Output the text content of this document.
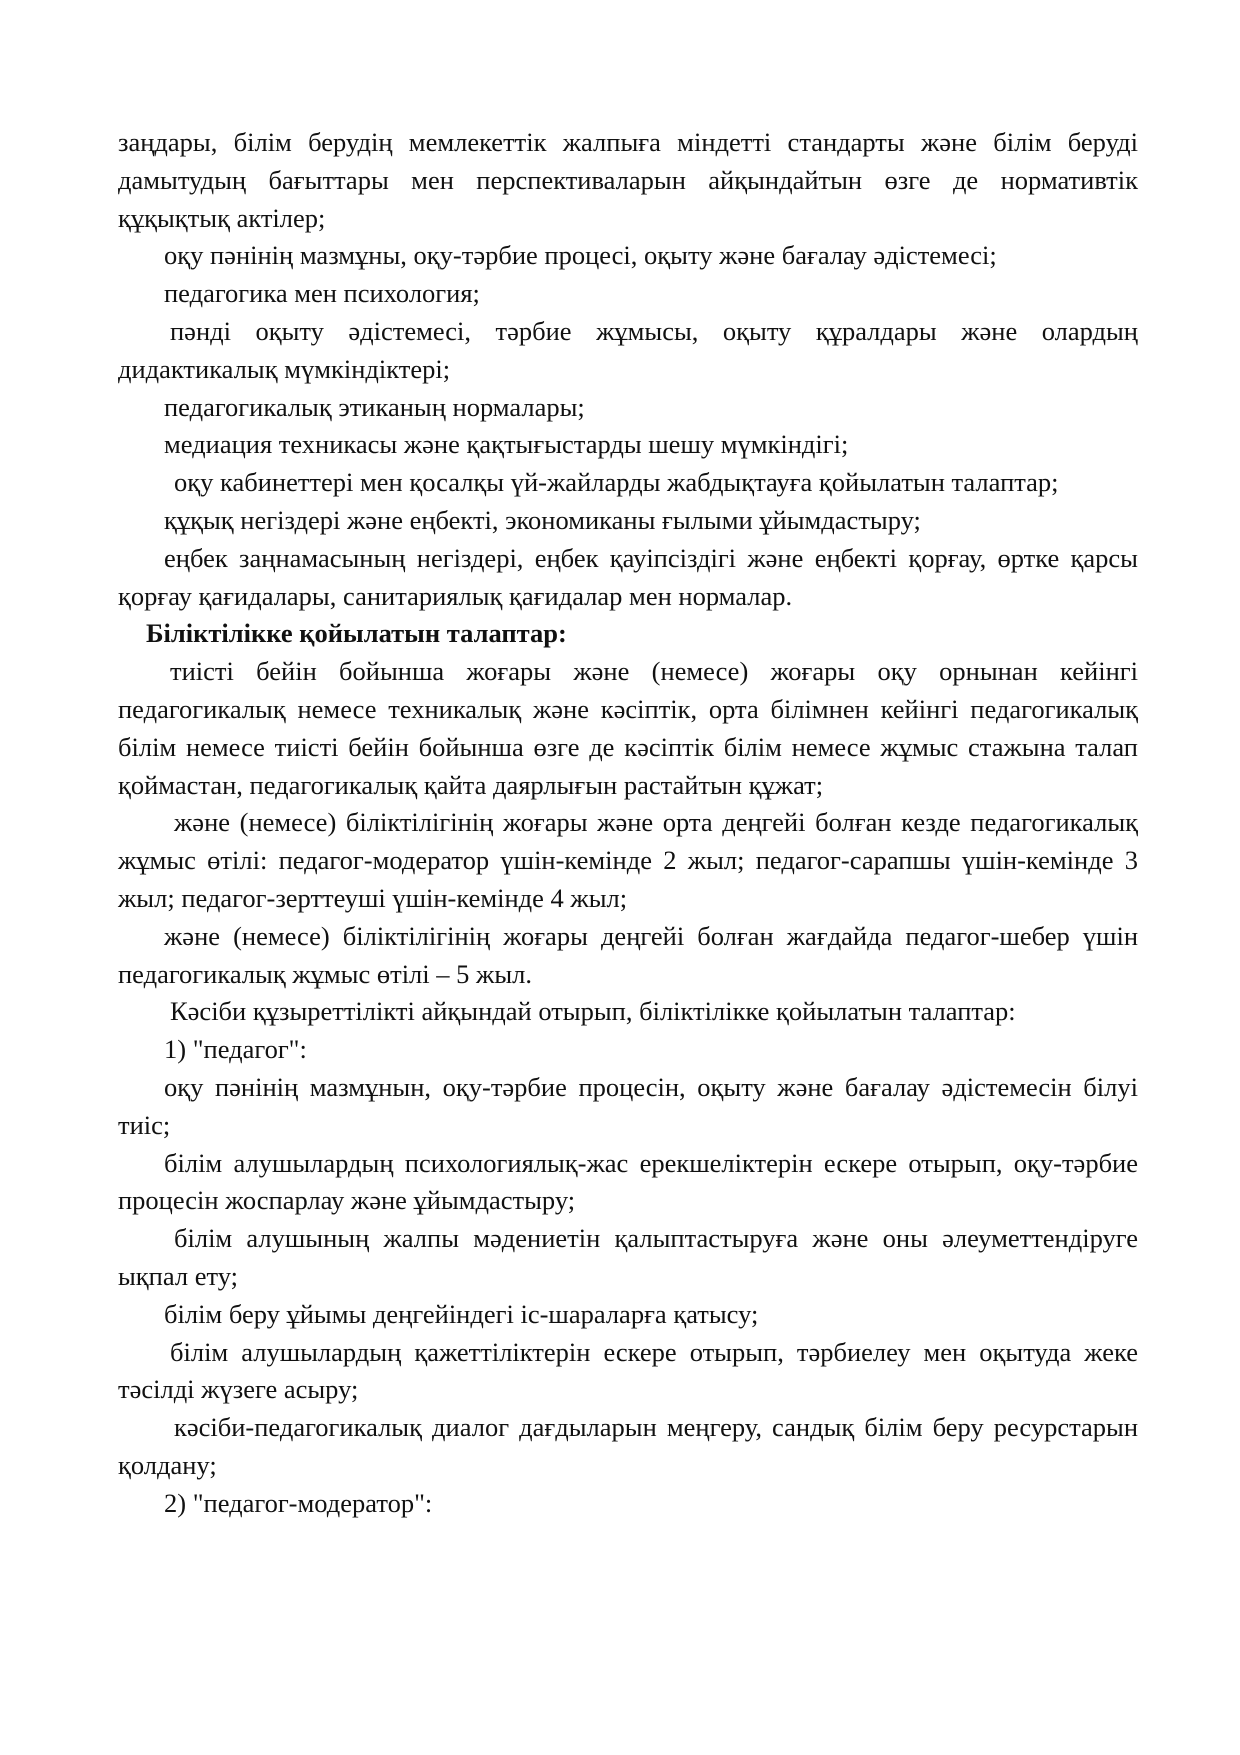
заңдары, білім берудің мемлекеттік жалпыға міндетті стандарты және білім беруді дамытудың бағыттары мен перспективаларын айқындайтын өзге де нормативтік құқықтық актілер;

оқу пәнінің мазмұны, оқу-тәрбие процесі, оқыту және бағалау әдістемесі;

педагогика мен психология;

пәнді оқыту әдістемесі, тәрбие жұмысы, оқыту құралдары және олардың дидактикалық мүмкіндіктері;

педагогикалық этиканың нормалары;

медиация техникасы және қақтығыстарды шешу мүмкіндігі;

оқу кабинеттері мен қосалқы үй-жайларды жабдықтауға қойылатын талаптар;

құқық негіздері және еңбекті, экономиканы ғылыми ұйымдастыру;

еңбек заңнамасының негіздері, еңбек қауіпсіздігі және еңбекті қорғау, өртке қарсы қорғау қағидалары, санитариялық қағидалар мен нормалар.

Біліктілікке қойылатын талаптар:

тиісті бейін бойынша жоғары және (немесе) жоғары оқу орнынан кейінгі педагогикалық немесе техникалық және кәсіптік, орта білімнен кейінгі педагогикалық білім немесе тиісті бейін бойынша өзге де кәсіптік білім немесе жұмыс стажына талап қоймастан, педагогикалық қайта даярлығын растайтын құжат;

және (немесе) біліктілігінің жоғары және орта деңгейі болған кезде педагогикалық жұмыс өтілі: педагог-модератор үшін-кемінде 2 жыл; педагог-сарапшы үшін-кемінде 3 жыл; педагог-зерттеуші үшін-кемінде 4 жыл;

және (немесе) біліктілігінің жоғары деңгейі болған жағдайда педагог-шебер үшін педагогикалық жұмыс өтілі – 5 жыл.

Кәсіби құзыреттілікті айқындай отырып, біліктілікке қойылатын талаптар:

1) "педагог":

оқу пәнінің мазмұнын, оқу-тәрбие процесін, оқыту және бағалау әдістемесін білуі тиіс;

білім алушылардың психологиялық-жас ерекшеліктерін ескере отырып, оқу-тәрбие процесін жоспарлау және ұйымдастыру;

білім алушының жалпы мәдениетін қалыптастыруға және оны әлеуметтендіруге ықпал ету;

білім беру ұйымы деңгейіндегі іс-шараларға қатысу;

білім алушылардың қажеттіліктерін ескере отырып, тәрбиелеу мен оқытуда жеке тәсілді жүзеге асыру;

кәсіби-педагогикалық диалог дағдыларын меңгеру, сандық білім беру ресурстарын қолдану;

2) "педагог-модератор":
